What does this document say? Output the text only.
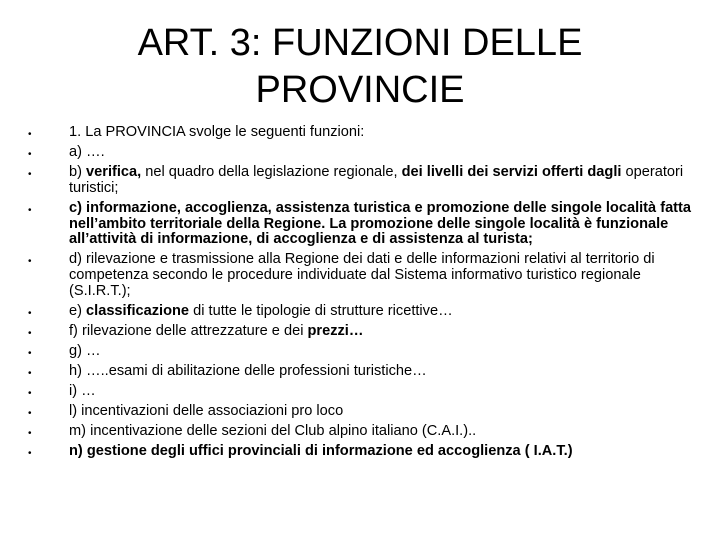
ART. 3: FUNZIONI DELLE PROVINCIE
• 1. La PROVINCIA svolge le seguenti funzioni:
• a) ….
• b) verifica, nel quadro della legislazione regionale, dei livelli dei servizi offerti dagli operatori turistici;
• c) informazione, accoglienza, assistenza turistica e promozione delle singole località fatta nell’ambito territoriale della Regione. La promozione delle singole località è funzionale all’attività di informazione, di accoglienza e di assistenza al turista;
• d) rilevazione e trasmissione alla Regione dei dati e delle informazioni relativi al territorio di competenza secondo le procedure individuate dal Sistema informativo turistico regionale (S.I.R.T.);
• e) classificazione di tutte le tipologie di strutture ricettive…
• f) rilevazione delle attrezzature e dei prezzi…
• g) …
• h) …..esami di abilitazione delle professioni turistiche…
• i) …
• l) incentivazioni delle associazioni pro loco
• m) incentivazione delle sezioni del Club alpino italiano (C.A.I.)..
• n) gestione degli uffici provinciali di informazione ed accoglienza ( I.A.T.)
